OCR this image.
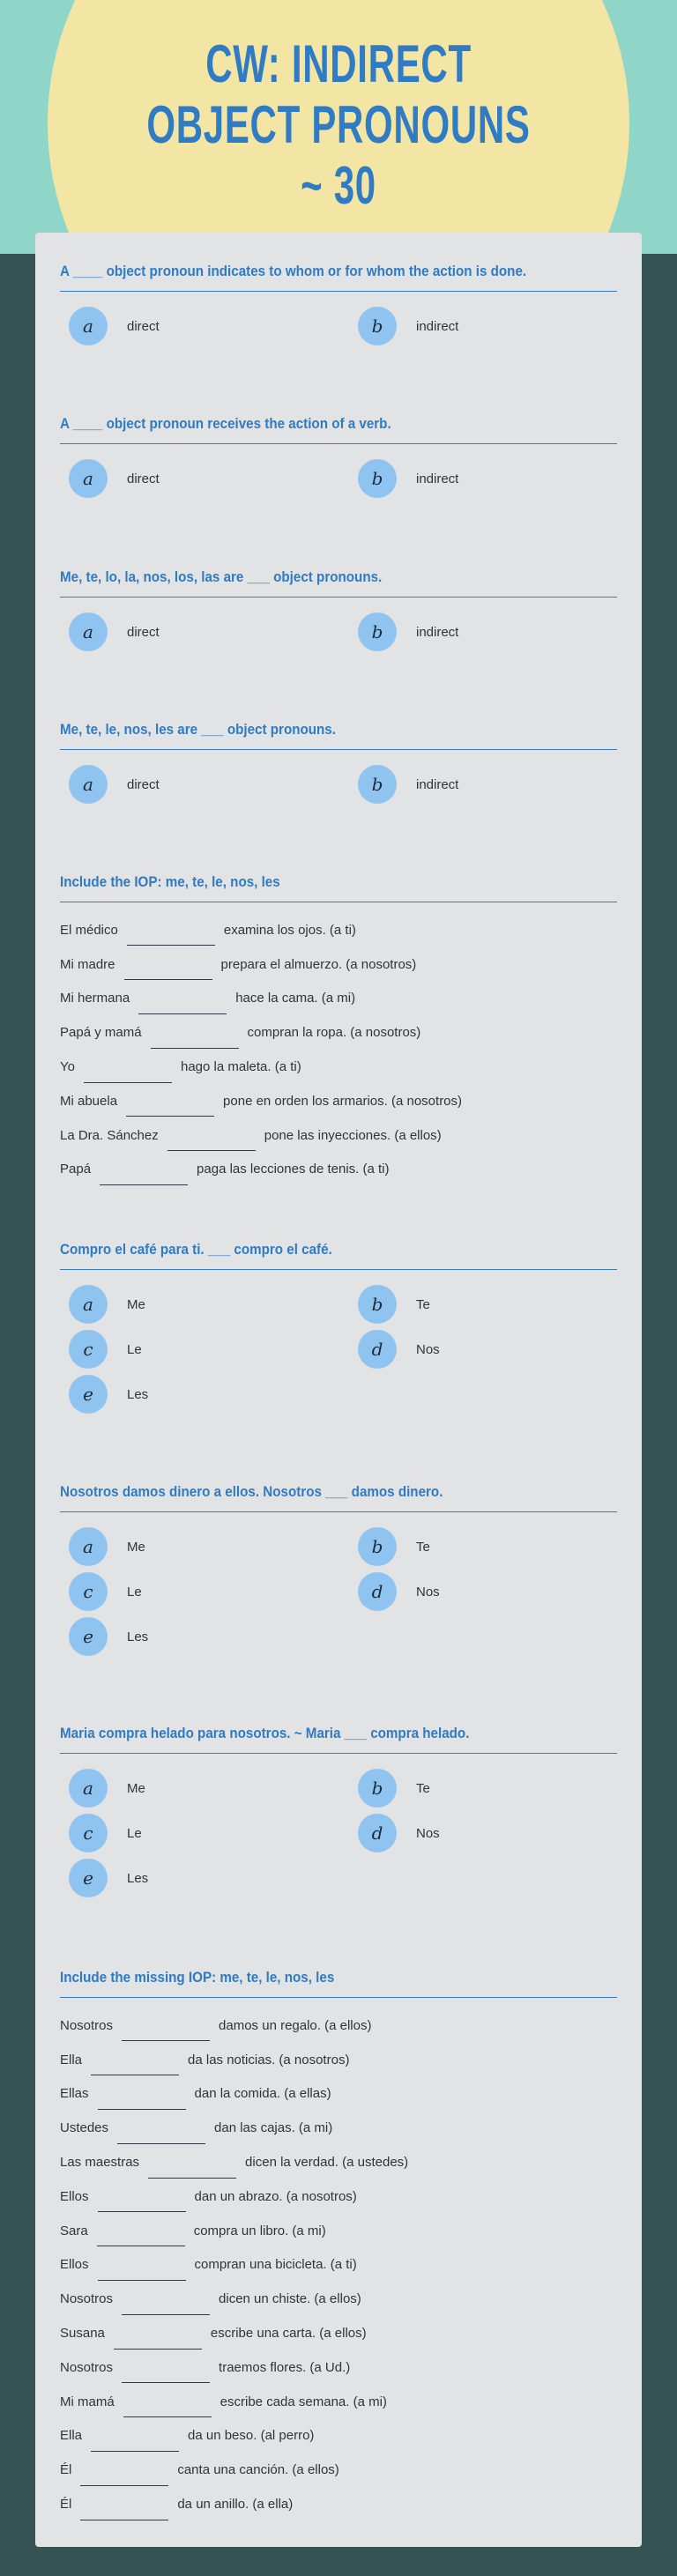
CW: INDIRECT
OBJECT PRONOUNS
~ 30
A ____ object pronoun indicates to whom or for whom the action is done.
a	direct	b	indirect
A ____ object pronoun receives the action of a verb.
a	direct	b	indirect
Me, te, lo, la, nos, los, las are ___ object pronouns.
a	direct	b	indirect
Me, te, le, nos, les are ___ object pronouns.
a	direct	b	indirect
Include the IOP: me, te, le, nos, les
El médico	examina los ojos. (a ti)
Mi madre	prepara el almuerzo. (a nosotros)
Mi hermana	hace la cama. (a mi)
Papá y mamá	compran la ropa. (a nosotros)
Yo	hago la maleta. (a ti)
Mi abuela	pone en orden los armarios. (a nosotros)
La Dra. Sánchez	pone las inyecciones. (a ellos)
Papá	paga las lecciones de tenis. (a ti)
Compro el café para ti. ___ compro el café.
a	Me	b	Te
c	Le	d	Nos
e	Les
Nosotros damos dinero a ellos. Nosotros ___ damos dinero.
a	Me	b	Te
c	Le	d	Nos
e	Les
Maria compra helado para nosotros. ~ Maria ___ compra helado.
a	Me	b	Te
c	Le	d	Nos
e	Les
Include the missing IOP: me, te, le, nos, les
Nosotros	damos un regalo. (a ellos)
Ella	da las noticias. (a nosotros)
Ellas	dan la comida. (a ellas)
Ustedes	dan las cajas. (a mi)
Las maestras	dicen la verdad. (a ustedes)
Ellos	dan un abrazo. (a nosotros)
Sara	compra un libro. (a mi)
Ellos	compran una bicicleta. (a ti)
Nosotros	dicen un chiste. (a ellos)
Susana	escribe una carta. (a ellos)
Nosotros	traemos flores. (a Ud.)
Mi mamá	escribe cada semana. (a mi)
Ella	da un beso. (al perro)
Él	canta una canción. (a ellos)
Él	da un anillo. (a ella)
